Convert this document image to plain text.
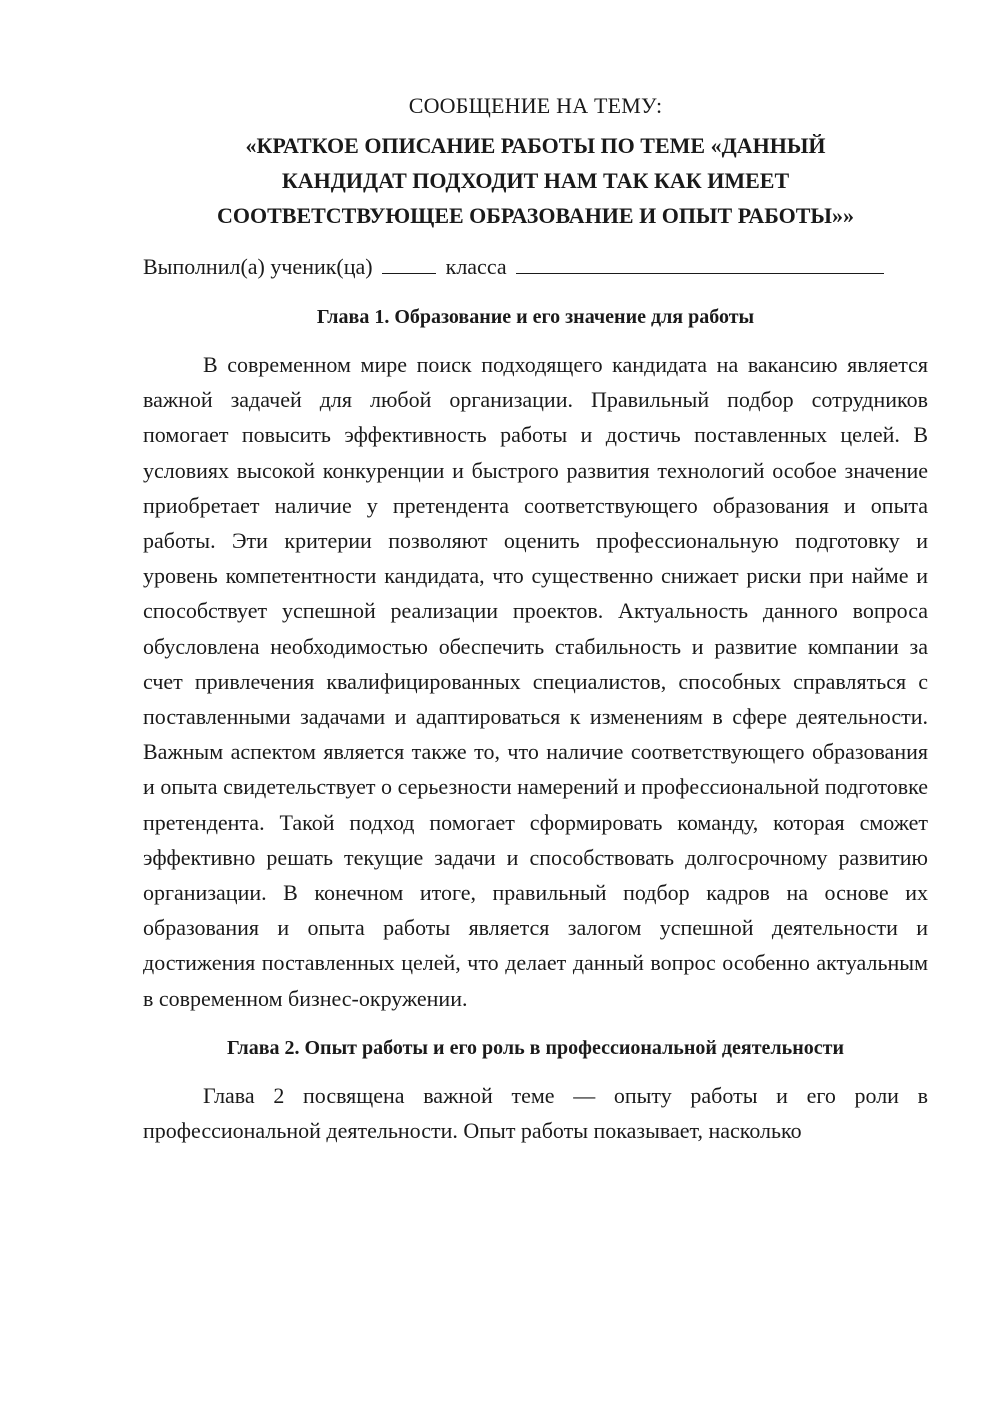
СООБЩЕНИЕ НА ТЕМУ:
«КРАТКОЕ ОПИСАНИЕ РАБОТЫ ПО ТЕМЕ «ДАННЫЙ
КАНДИДАТ ПОДХОДИТ НАМ ТАК КАК ИМЕЕТ
СООТВЕТСТВУЮЩЕЕ ОБРАЗОВАНИЕ И ОПЫТ РАБОТЫ»»
Выполнил(а) ученик(ца)	класса
Глава 1. Образование и его значение для работы

В современном мире поиск подходящего кандидата на вакансию является важной задачей для любой организации. Правильный подбор сотрудников помогает повысить эффективность работы и достичь поставленных целей. В условиях высокой конкуренции и быстрого развития технологий особое значение приобретает наличие у претендента соответствующего образования и опыта работы. Эти критерии позволяют оценить профессиональную подготовку и уровень компетентности кандидата, что существенно снижает риски при найме и способствует успешной реализации проектов. Актуальность данного вопроса обусловлена необходимостью обеспечить стабильность и развитие компании за счет привлечения квалифицированных специалистов, способных справляться с поставленными задачами и адаптироваться к изменениям в сфере деятельности. Важным аспектом является также то, что наличие соответствующего образования и опыта свидетельствует о серьезности намерений и профессиональной подготовке претендента. Такой подход помогает сформировать команду, которая сможет эффективно решать текущие задачи и способствовать долгосрочному развитию организации. В конечном итоге, правильный подбор кадров на основе их образования и опыта работы является залогом успешной деятельности и достижения поставленных целей, что делает данный вопрос особенно актуальным в современном бизнес-окружении.

Глава 2. Опыт работы и его роль в профессиональной деятельности

Глава 2 посвящена важной теме — опыту работы и его роли в профессиональной деятельности. Опыт работы показывает, насколько
